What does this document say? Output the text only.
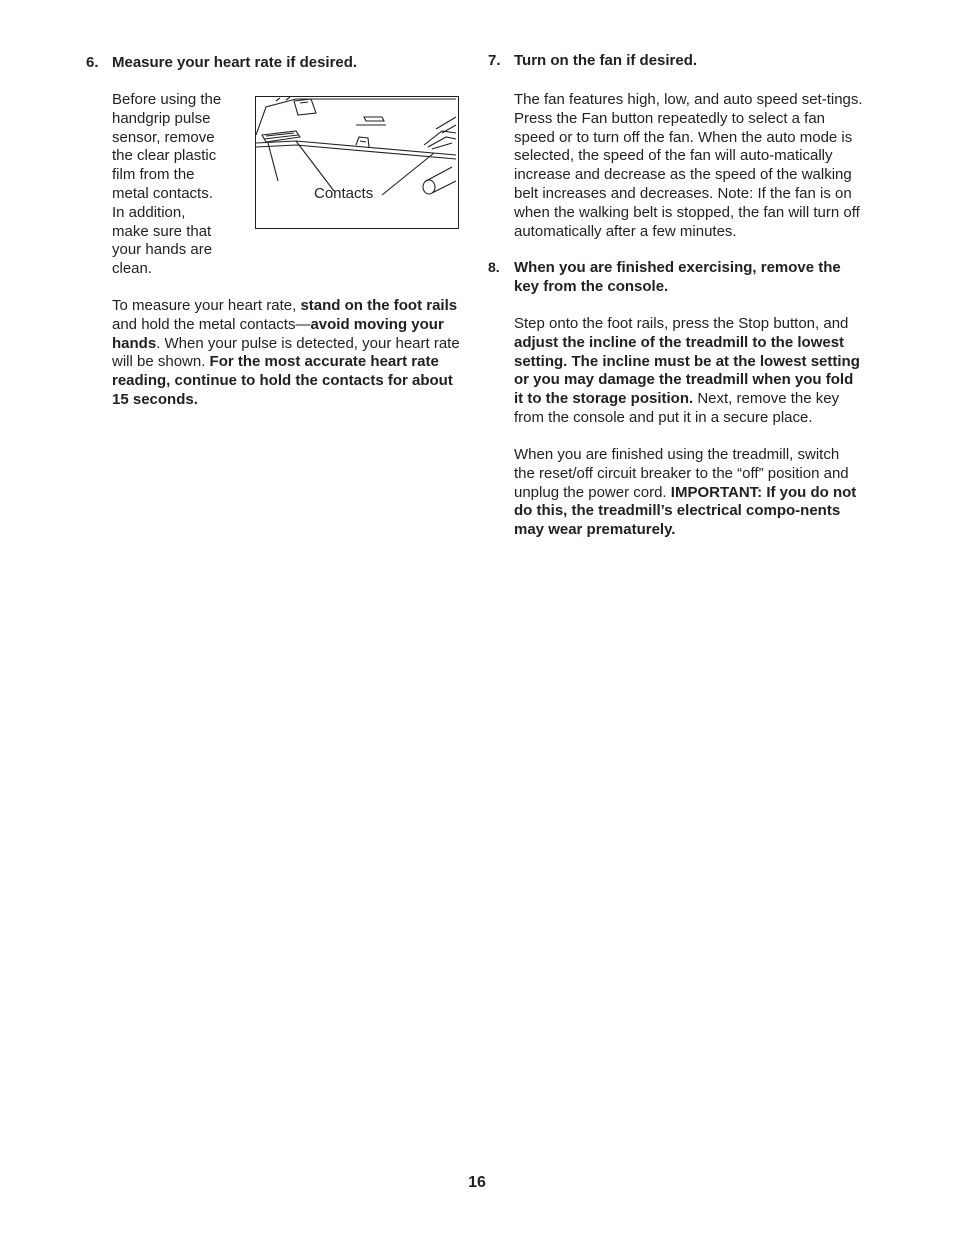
6. Measure your heart rate if desired.
Before using the
handgrip pulse
sensor, remove
the clear plastic
film from the
metal contacts.
In addition,
make sure that
your hands are
clean.
Contacts

To measure your heart rate, stand on the foot rails and hold the metal contacts—avoid moving your hands. When your pulse is detected, your heart rate will be shown. For the most accurate heart rate reading, continue to hold the contacts for about 15 seconds.

7. Turn on the fan if desired.

The fan features high, low, and auto speed set-tings. Press the Fan button repeatedly to select a fan speed or to turn off the fan. When the auto mode is selected, the speed of the fan will auto-matically increase and decrease as the speed of the walking belt increases and decreases. Note: If the fan is on when the walking belt is stopped, the fan will turn off automatically after a few minutes.

8. When you are finished exercising, remove the key from the console.

Step onto the foot rails, press the Stop button, and adjust the incline of the treadmill to the lowest setting. The incline must be at the lowest setting or you may damage the treadmill when you fold it to the storage position. Next, remove the key from the console and put it in a secure place.

When you are finished using the treadmill, switch the reset/off circuit breaker to the “off” position and unplug the power cord. IMPORTANT: If you do not do this, the treadmill’s electrical compo-nents may wear prematurely.

16
